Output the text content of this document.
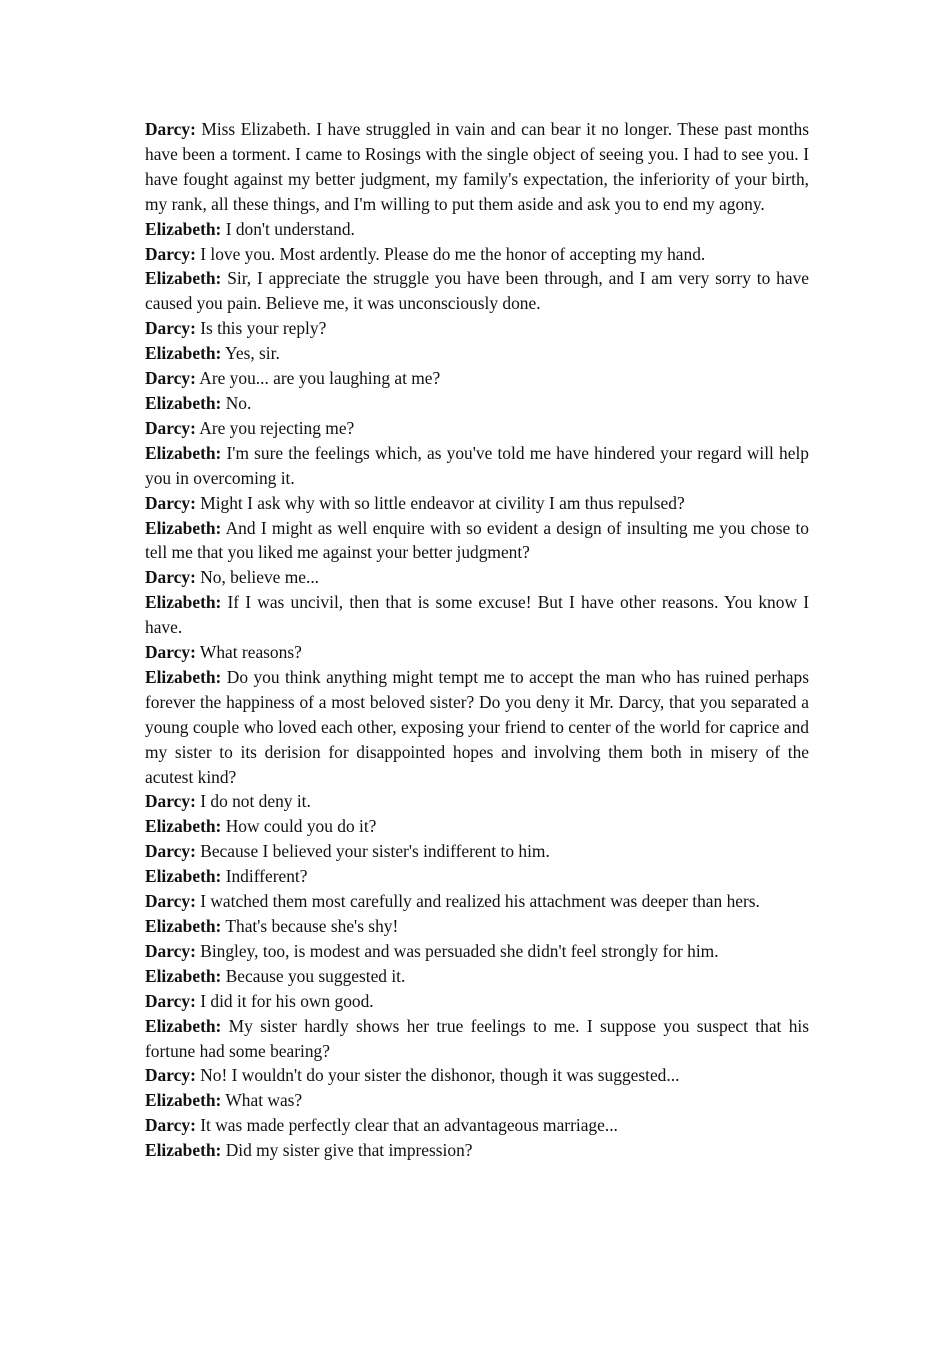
Darcy: Miss Elizabeth. I have struggled in vain and can bear it no longer. These past months have been a torment. I came to Rosings with the single object of seeing you. I had to see you. I have fought against my better judgment, my family's expectation, the inferiority of your birth, my rank, all these things, and I'm willing to put them aside and ask you to end my agony.

Elizabeth: I don't understand.

Darcy: I love you. Most ardently. Please do me the honor of accepting my hand.

Elizabeth: Sir, I appreciate the struggle you have been through, and I am very sorry to have caused you pain. Believe me, it was unconsciously done.

Darcy: Is this your reply?

Elizabeth: Yes, sir.

Darcy: Are you... are you laughing at me?

Elizabeth: No.

Darcy: Are you rejecting me?

Elizabeth: I'm sure the feelings which, as you've told me have hindered your regard will help you in overcoming it.

Darcy: Might I ask why with so little endeavor at civility I am thus repulsed?

Elizabeth: And I might as well enquire with so evident a design of insulting me you chose to tell me that you liked me against your better judgment?

Darcy: No, believe me...

Elizabeth: If I was uncivil, then that is some excuse! But I have other reasons. You know I have.

Darcy: What reasons?

Elizabeth: Do you think anything might tempt me to accept the man who has ruined perhaps forever the happiness of a most beloved sister? Do you deny it Mr. Darcy, that you separated a young couple who loved each other, exposing your friend to center of the world for caprice and my sister to its derision for disappointed hopes and involving them both in misery of the acutest kind?

Darcy: I do not deny it.

Elizabeth: How could you do it?

Darcy: Because I believed your sister's indifferent to him.

Elizabeth: Indifferent?

Darcy: I watched them most carefully and realized his attachment was deeper than hers.

Elizabeth: That's because she's shy!

Darcy: Bingley, too, is modest and was persuaded she didn't feel strongly for him.

Elizabeth: Because you suggested it.

Darcy: I did it for his own good.

Elizabeth: My sister hardly shows her true feelings to me. I suppose you suspect that his fortune had some bearing?

Darcy: No! I wouldn't do your sister the dishonor, though it was suggested...

Elizabeth: What was?

Darcy: It was made perfectly clear that an advantageous marriage...

Elizabeth: Did my sister give that impression?
